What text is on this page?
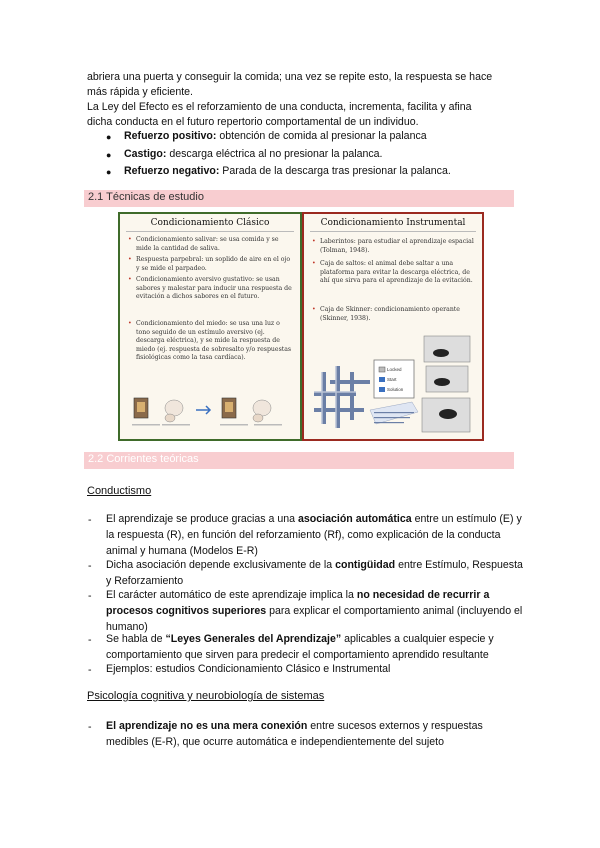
abriera una puerta y conseguir la comida; una vez se repite esto, la respuesta se hace
más rápida y eficiente.
La Ley del Efecto es el reforzamiento de una conducta, incrementa, facilita y afina
dicha conducta en el futuro repertorio comportamental de un individuo.
●	Refuerzo positivo: obtención de comida al presionar la palanca
●	Castigo: descarga eléctrica al no presionar la palanca.
●	Refuerzo negativo: Parada de la descarga tras presionar la palanca.
2.1 Técnicas de estudio
Condicionamiento Clásico
• Condicionamiento salivar: se usa comida y se mide la cantidad de saliva.
• Respuesta parpebral: un soplido de aire en el ojo y se mide el parpadeo.
• Condicionamiento aversivo gustativo: se usan sabores y malestar para inducir una respuesta de evitación a dichos sabores en el futuro.
• Condicionamiento del miedo: se usa una luz o tono seguido de un estímulo aversivo (ej. descarga eléctrica), y se mide la respuesta de miedo (ej. respuesta de sobresalto y/o respuestas fisiológicas como la tasa cardíaca).
Condicionamiento Instrumental
• Laberintos: para estudiar el aprendizaje espacial (Tolman, 1948).
• Caja de saltos: el animal debe saltar a una plataforma para evitar la descarga eléctrica, de ahí que sirva para el aprendizaje de la evitación.
• Caja de Skinner: condicionamiento operante (Skinner, 1938).
Locked
Start
Solution
2.2 Corrientes teóricas
Conductismo
- El aprendizaje se produce gracias a una asociación automática entre un estímulo (E) y la respuesta (R), en función del reforzamiento (Rf), como explicación de la conducta animal y humana (Modelos E-R)
- Dicha asociación depende exclusivamente de la contigüidad entre Estímulo, Respuesta y Reforzamiento
- El carácter automático de este aprendizaje implica la no necesidad de recurrir a procesos cognitivos superiores para explicar el comportamiento animal (incluyendo el humano)
- Se habla de “Leyes Generales del Aprendizaje” aplicables a cualquier especie y comportamiento que sirven para predecir el comportamiento aprendido resultante
- Ejemplos: estudios Condicionamiento Clásico e Instrumental
Psicología cognitiva y neurobiología de sistemas
- El aprendizaje no es una mera conexión entre sucesos externos y respuestas medibles (E-R), que ocurre automática e independientemente del sujeto
